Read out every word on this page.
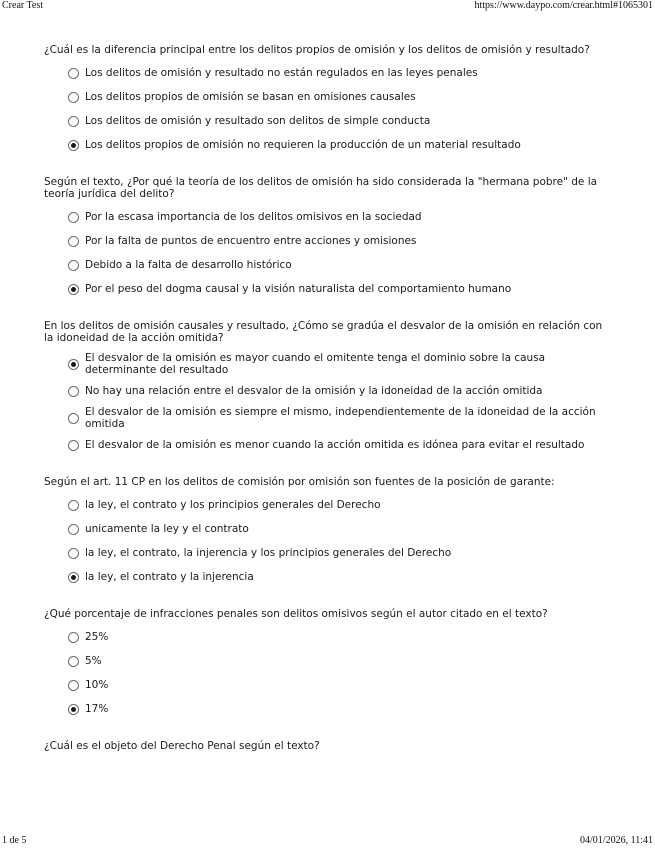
Crear Test	https://www.daypo.com/crear.html#1065301

¿Cuál es la diferencia principal entre los delitos propios de omisión y los delitos de omisión y resultado?

Los delitos de omisión y resultado no están regulados en las leyes penales
Los delitos propios de omisión se basan en omisiones causales
Los delitos de omisión y resultado son delitos de simple conducta
Los delitos propios de omisión no requieren la producción de un material resultado

Según el texto, ¿Por qué la teoría de los delitos de omisión ha sido considerada la "hermana pobre" de la teoría jurídica del delito?

Por la escasa importancia de los delitos omisivos en la sociedad
Por la falta de puntos de encuentro entre acciones y omisiones
Debido a la falta de desarrollo histórico
Por el peso del dogma causal y la visión naturalista del comportamiento humano

En los delitos de omisión causales y resultado, ¿Cómo se gradúa el desvalor de la omisión en relación con la idoneidad de la acción omitida?

El desvalor de la omisión es mayor cuando el omitente tenga el dominio sobre la causa determinante del resultado
No hay una relación entre el desvalor de la omisión y la idoneidad de la acción omitida
El desvalor de la omisión es siempre el mismo, independientemente de la idoneidad de la acción omitida
El desvalor de la omisión es menor cuando la acción omitida es idónea para evitar el resultado

Según el art. 11 CP en los delitos de comisión por omisión son fuentes de la posición de garante:

la ley, el contrato y los principios generales del Derecho
unicamente la ley y el contrato
la ley, el contrato, la injerencia y los principios generales del Derecho
la ley, el contrato y la injerencia

¿Qué porcentaje de infracciones penales son delitos omisivos según el autor citado en el texto?

25%
5%
10%
17%

¿Cuál es el objeto del Derecho Penal según el texto?

1 de 5	04/01/2026, 11:41
